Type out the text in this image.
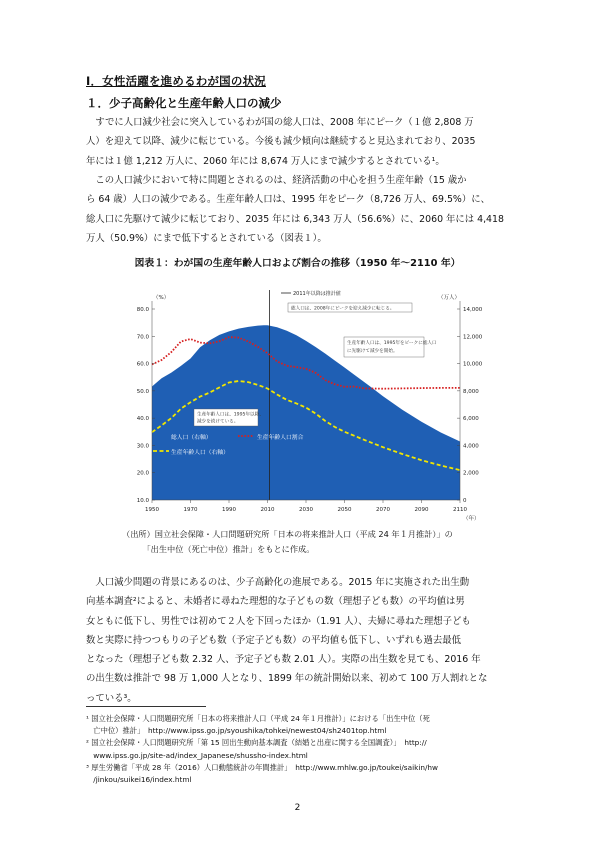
Ⅰ．女性活躍を進めるわが国の状況
１．少子高齢化と生産年齢人口の減少
　すでに人口減少社会に突入しているわが国の総人口は、2008 年にピーク（１億 2,808 万
人）を迎えて以降、減少に転じている。今後も減少傾向は継続すると見込まれており、2035
年には１億 1,212 万人に、2060 年には 8,674 万人にまで減少するとされている¹。
　この人口減少において特に問題とされるのは、経済活動の中心を担う生産年齢（15 歳か
ら 64 歳）人口の減少である。生産年齢人口は、1995 年をピーク（8,726 万人、69.5%）に、
総人口に先駆けて減少に転じており、2035 年には 6,343 万人（56.6%）に、2060 年には 4,418
万人（50.9%）にまで低下するとされている（図表１）。
図表１：わが国の生産年齢人口および割合の推移（1950 年～2110 年）
2011年以降は推計値
80.0
70.0
60.0
50.0
40.0
30.0
20.0
10.0
14,000
12,000
10,000
8,000
6,000
4,000
2,000
0
1950	1970	1990	2010	2030	2050	2070	2090	2110
（%）	（万人）
（年）
総人口は、2008年にピークを迎え減少に転じる。
生産年齢人口は、1995年をピークに総人口
に先駆けて減少を開始。
生産年齢人口は、1995年以降、
減少を続けている。
総人口（右軸）	生産年齢人口割合
生産年齢人口（右軸）
（出所）国立社会保障・人口問題研究所「日本の将来推計人口（平成 24 年１月推計）」の
　　　「出生中位（死亡中位）推計」をもとに作成。
　人口減少問題の背景にあるのは、少子高齢化の進展である。2015 年に実施された出生動
向基本調査²によると、未婚者に尋ねた理想的な子どもの数（理想子ども数）の平均値は男
女ともに低下し、男性では初めて２人を下回ったほか（1.91 人）、夫婦に尋ねた理想子ども
数と実際に持つつもりの子ども数（予定子ども数）の平均値も低下し、いずれも過去最低
となった（理想子ども数 2.32 人、予定子ども数 2.01 人）。実際の出生数を見ても、2016 年
の出生数は推計で 98 万 1,000 人となり、1899 年の統計開始以来、初めて 100 万人割れとな
っている³。
¹ 国立社会保障・人口問題研究所「日本の将来推計人口（平成 24 年１月推計）」における「出生中位（死
　亡中位）推計」　http://www.ipss.go.jp/syoushika/tohkei/newest04/sh2401top.html
² 国立社会保障・人口問題研究所「第 15 回出生動向基本調査（結婚と出産に関する全国調査）」　http://
　www.ipss.go.jp/site-ad/index_Japanese/shussho-index.html
³ 厚生労働省「平成 28 年（2016）人口動態統計の年間推計」　http://www.mhlw.go.jp/toukei/saikin/hw
　/jinkou/suikei16/index.html
2
